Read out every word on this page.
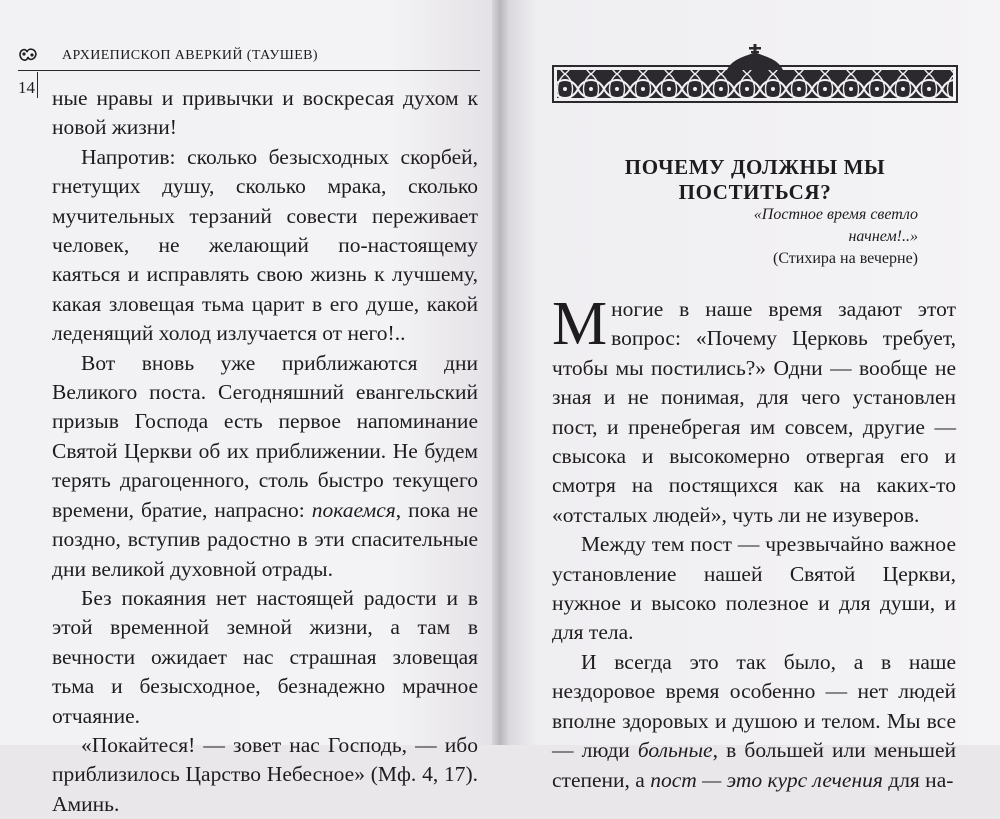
АРХИЕПИСКОП АВЕРКИЙ (ТАУШЕВ)
14 ные нравы и привычки и воскресая духом к новой жизни!

Напротив: сколько безысходных скорбей, гнетущих душу, сколько мрака, сколько мучительных терзаний совести переживает человек, не желающий по-настоящему каяться и исправлять свою жизнь к лучшему, какая зловещая тьма царит в его душе, какой леденящий холод излучается от него!..

Вот вновь уже приближаются дни Великого поста. Сегодняшний евангельский призыв Господа есть первое напоминание Святой Церкви об их приближении. Не будем терять драгоценного, столь быстро текущего времени, братие, напрасно: покаемся, пока не поздно, вступив радостно в эти спасительные дни великой духовной отрады.

Без покаяния нет настоящей радости и в этой временной земной жизни, а там в вечности ожидает нас страшная зловещая тьма и безысходное, безнадежно мрачное отчаяние.

«Покайтеся! — зовет нас Господь, — ибо приблизилось Царство Небесное» (Мф. 4, 17). Аминь.

ПОЧЕМУ ДОЛЖНЫ МЫ ПОСТИТЬСЯ?
«Постное время светло
начнем!..»
(Стихира на вечерне)

Многие в наше время задают этот вопрос: «Почему Церковь требует, чтобы мы постились?» Одни — вообще не зная и не понимая, для чего установлен пост, и пренебрегая им совсем, другие — свысока и высокомерно отвергая его и смотря на постящихся как на каких-то «отсталых людей», чуть ли не изуверов.

Между тем пост — чрезвычайно важное установление нашей Святой Церкви, нужное и высоко полезное и для души, и для тела.

И всегда это так было, а в наше нездоровое время особенно — нет людей вполне здоровых и душою и телом. Мы все — люди больные, в большей или меньшей степени, а пост — это курс лечения для на-
